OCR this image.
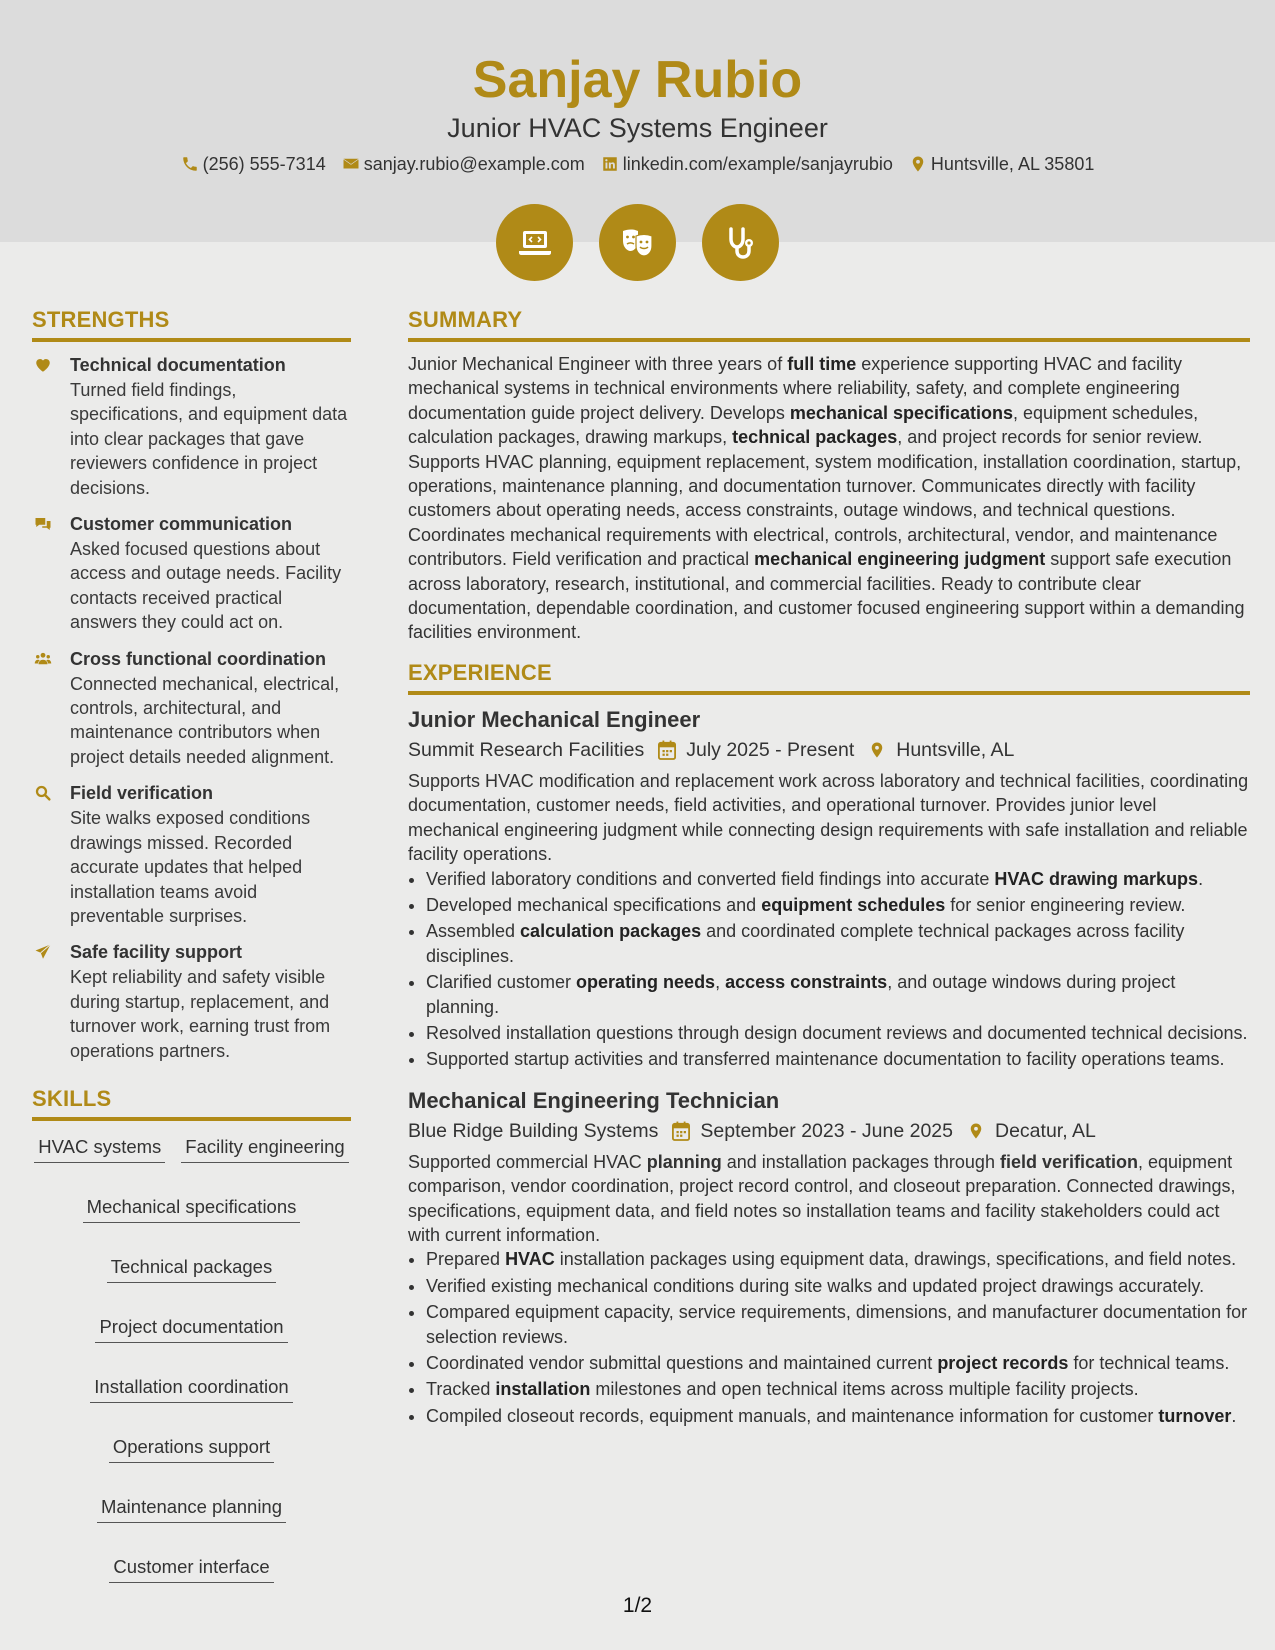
Sanjay Rubio
Junior HVAC Systems Engineer
(256) 555-7314 sanjay.rubio@example.com linkedin.com/example/sanjayrubio Huntsville, AL 35801
STRENGTHS
Technical documentation
Turned field findings, specifications, and equipment data into clear packages that gave reviewers confidence in project decisions.
Customer communication
Asked focused questions about access and outage needs. Facility contacts received practical answers they could act on.
Cross functional coordination
Connected mechanical, electrical, controls, architectural, and maintenance contributors when project details needed alignment.
Field verification
Site walks exposed conditions drawings missed. Recorded accurate updates that helped installation teams avoid preventable surprises.
Safe facility support
Kept reliability and safety visible during startup, replacement, and turnover work, earning trust from operations partners.
SKILLS
HVAC systems Facility engineering
Mechanical specifications
Technical packages
Project documentation
Installation coordination
Operations support
Maintenance planning
Customer interface
SUMMARY
Junior Mechanical Engineer with three years of full time experience supporting HVAC and facility mechanical systems in technical environments where reliability, safety, and complete engineering documentation guide project delivery. Develops mechanical specifications, equipment schedules, calculation packages, drawing markups, technical packages, and project records for senior review. Supports HVAC planning, equipment replacement, system modification, installation coordination, startup, operations, maintenance planning, and documentation turnover. Communicates directly with facility customers about operating needs, access constraints, outage windows, and technical questions. Coordinates mechanical requirements with electrical, controls, architectural, vendor, and maintenance contributors. Field verification and practical mechanical engineering judgment support safe execution across laboratory, research, institutional, and commercial facilities. Ready to contribute clear documentation, dependable coordination, and customer focused engineering support within a demanding facilities environment.
EXPERIENCE
Junior Mechanical Engineer
Summit Research Facilities July 2025 - Present Huntsville, AL
Supports HVAC modification and replacement work across laboratory and technical facilities, coordinating documentation, customer needs, field activities, and operational turnover. Provides junior level mechanical engineering judgment while connecting design requirements with safe installation and reliable facility operations.
• Verified laboratory conditions and converted field findings into accurate HVAC drawing markups.
• Developed mechanical specifications and equipment schedules for senior engineering review.
• Assembled calculation packages and coordinated complete technical packages across facility disciplines.
• Clarified customer operating needs, access constraints, and outage windows during project planning.
• Resolved installation questions through design document reviews and documented technical decisions.
• Supported startup activities and transferred maintenance documentation to facility operations teams.
Mechanical Engineering Technician
Blue Ridge Building Systems September 2023 - June 2025 Decatur, AL
Supported commercial HVAC planning and installation packages through field verification, equipment comparison, vendor coordination, project record control, and closeout preparation. Connected drawings, specifications, equipment data, and field notes so installation teams and facility stakeholders could act with current information.
• Prepared HVAC installation packages using equipment data, drawings, specifications, and field notes.
• Verified existing mechanical conditions during site walks and updated project drawings accurately.
• Compared equipment capacity, service requirements, dimensions, and manufacturer documentation for selection reviews.
• Coordinated vendor submittal questions and maintained current project records for technical teams.
• Tracked installation milestones and open technical items across multiple facility projects.
• Compiled closeout records, equipment manuals, and maintenance information for customer turnover.
1/2
